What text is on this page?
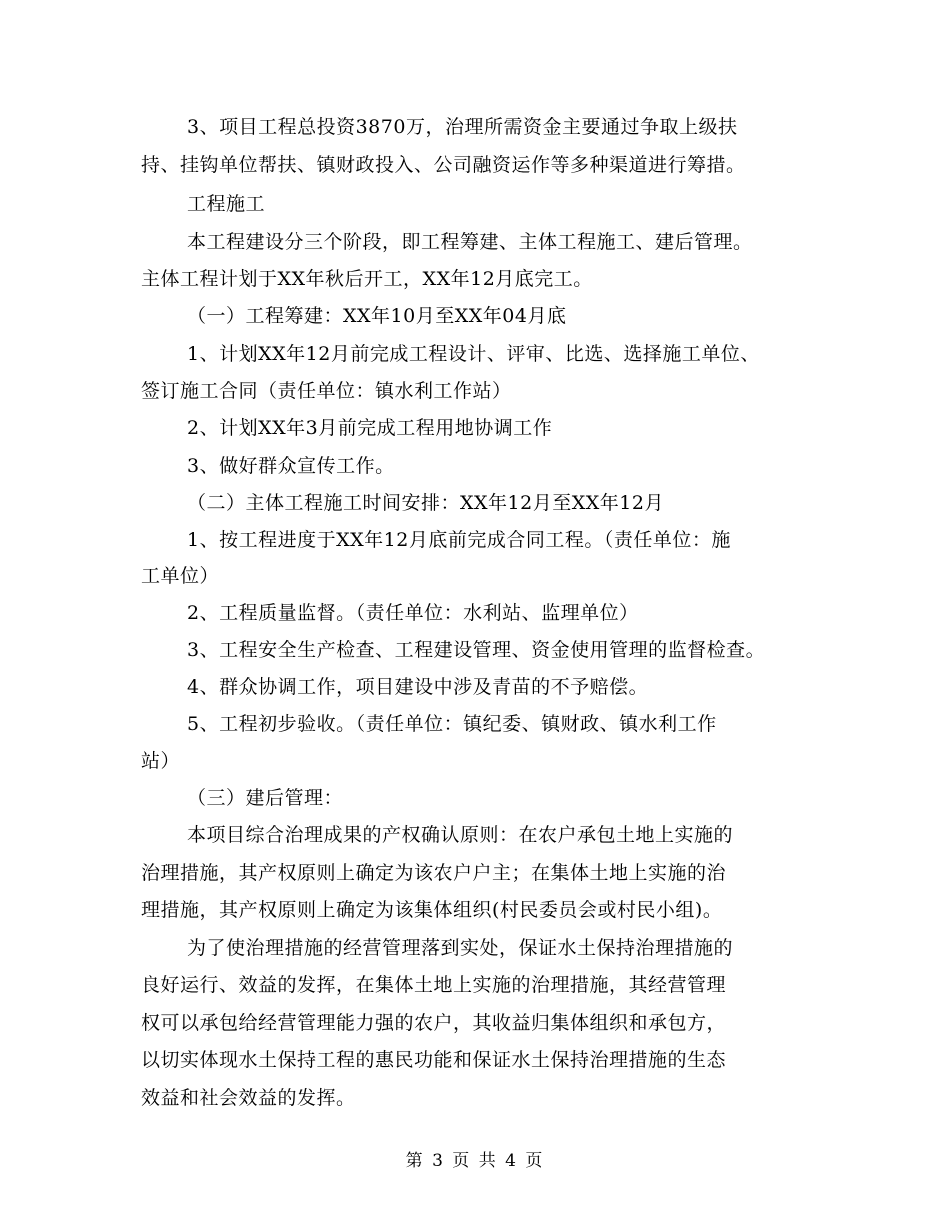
3、项目工程总投资3870万，治理所需资金主要通过争取上级扶
持、挂钩单位帮扶、镇财政投入、公司融资运作等多种渠道进行筹措。
工程施工
本工程建设分三个阶段，即工程筹建、主体工程施工、建后管理。
主体工程计划于XX年秋后开工，XX年12月底完工。
（一）工程筹建：XX年10月至XX年04月底
1、计划XX年12月前完成工程设计、评审、比选、选择施工单位、
签订施工合同（责任单位：镇水利工作站）
2、计划XX年3月前完成工程用地协调工作
3、做好群众宣传工作。
（二）主体工程施工时间安排：XX年12月至XX年12月
1、按工程进度于XX年12月底前完成合同工程。（责任单位：施
工单位）
2、工程质量监督。（责任单位：水利站、监理单位）
3、工程安全生产检查、工程建设管理、资金使用管理的监督检查。
4、群众协调工作，项目建设中涉及青苗的不予赔偿。
5、工程初步验收。（责任单位：镇纪委、镇财政、镇水利工作
站）
（三）建后管理：
本项目综合治理成果的产权确认原则：在农户承包土地上实施的
治理措施，其产权原则上确定为该农户户主；在集体土地上实施的治
理措施，其产权原则上确定为该集体组织(村民委员会或村民小组)。
为了使治理措施的经营管理落到实处，保证水土保持治理措施的
良好运行、效益的发挥，在集体土地上实施的治理措施，其经营管理
权可以承包给经营管理能力强的农户，其收益归集体组织和承包方，
以切实体现水土保持工程的惠民功能和保证水土保持治理措施的生态
效益和社会效益的发挥。
第 3 页 共 4 页
